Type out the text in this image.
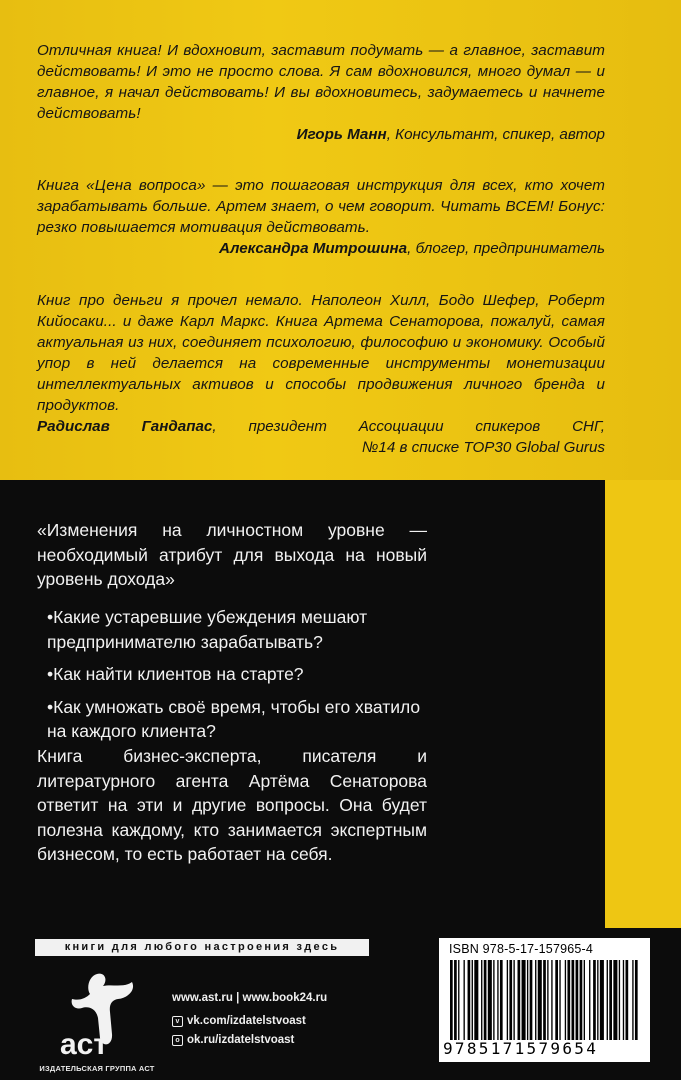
Отличная книга! И вдохновит, заставит подумать — а главное, заставит действовать! И это не просто слова. Я сам вдохновился, много думал — и главное, я начал действовать! И вы вдохновитесь, задумаетесь и начнете действовать!
Игорь Манн, Консультант, спикер, автор
Книга «Цена вопроса» — это пошаговая инструкция для всех, кто хочет зарабатывать больше. Артем знает, о чем говорит. Читать ВСЕМ! Бонус: резко повышается мотивация действовать.
Александра Митрошина, блогер, предприниматель
Книг про деньги я прочел немало. Наполеон Хилл, Бодо Шефер, Роберт Кийосаки... и даже Карл Маркс. Книга Артема Сенаторова, пожалуй, самая актуальная из них, соединяет психологию, философию и экономику. Особый упор в ней делается на современные инструменты монетизации интеллектуальных активов и способы продвижения личного бренда и продуктов.
Радислав Гандапас, президент Ассоциации спикеров СНГ,
№14 в списке TOP30 Global Gurus
«Изменения на личностном уровне — необходимый атрибут для выхода на новый уровень дохода»
•Какие устаревшие убеждения мешают предпринимателю зарабатывать?
•Как найти клиентов на старте?
•Как умножать своё время, чтобы его хватило на каждого клиента?
Книга бизнес-эксперта, писателя и литературного агента Артёма Сенаторова ответит на эти и другие вопросы. Она будет полезна каждому, кто занимается экспертным бизнесом, то есть работает на себя.
книги для любого настроения здесь
аст
ИЗДАТЕЛЬСКАЯ ГРУППА АСТ
www.ast.ru | www.book24.ru
v vk.com/izdatelstvoast
o ok.ru/izdatelstvoast
ISBN 978-5-17-157965-4
9785171579654
